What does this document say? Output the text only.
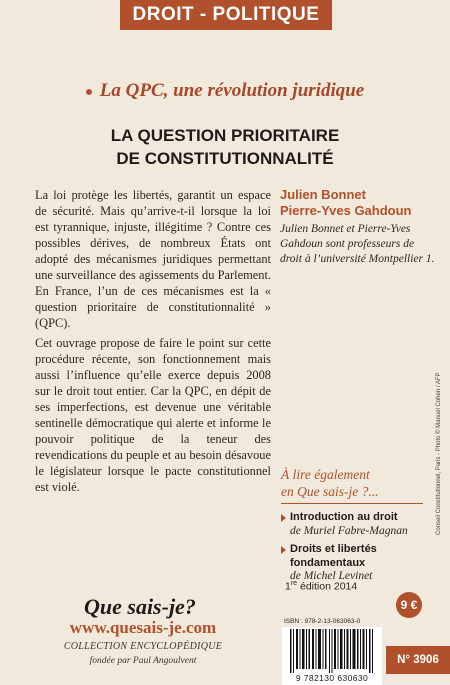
DROIT - POLITIQUE
La QPC, une révolution juridique
LA QUESTION PRIORITAIRE
DE CONSTITUTIONNALITÉ

La loi protège les libertés, garantit un espace de sécurité. Mais qu’arrive-t-il lorsque la loi est tyrannique, injuste, illégitime ? Contre ces possibles dérives, de nombreux États ont adopté des mécanismes juridiques permettant une surveillance des agissements du Parlement. En France, l’un de ces mécanismes est la « question prioritaire de constitutionnalité » (QPC).

Cet ouvrage propose de faire le point sur cette procédure récente, son fonctionnement mais aussi l’influence qu’elle exerce depuis 2008 sur le droit tout entier. Car la QPC, en dépit de ses imperfections, est devenue une véritable sentinelle démocratique qui alerte et informe le pouvoir politique de la teneur des revendications du peuple et au besoin désavoue le législateur lorsque le pacte constitutionnel est violé.

Julien Bonnet
Pierre-Yves Gahdoun
Julien Bonnet et Pierre-Yves Gahdoun sont professeurs de droit à l’université Montpellier 1.
À lire également
en Que sais-je ?...
Introduction au droit
de Muriel Fabre-Magnan
Droits et libertés
fondamentaux
de Michel Levinet
Conseil Constitutionnel, Paris - Photo © Manuel Cohen / AFP
Que sais-je?
www.quesais-je.com
COLLECTION ENCYCLOPÉDIQUE
fondée par Paul Angoulvent
1re édition 2014
9 €
ISBN : 978-2-13-063063-0
9 782130 630630
N° 3906
